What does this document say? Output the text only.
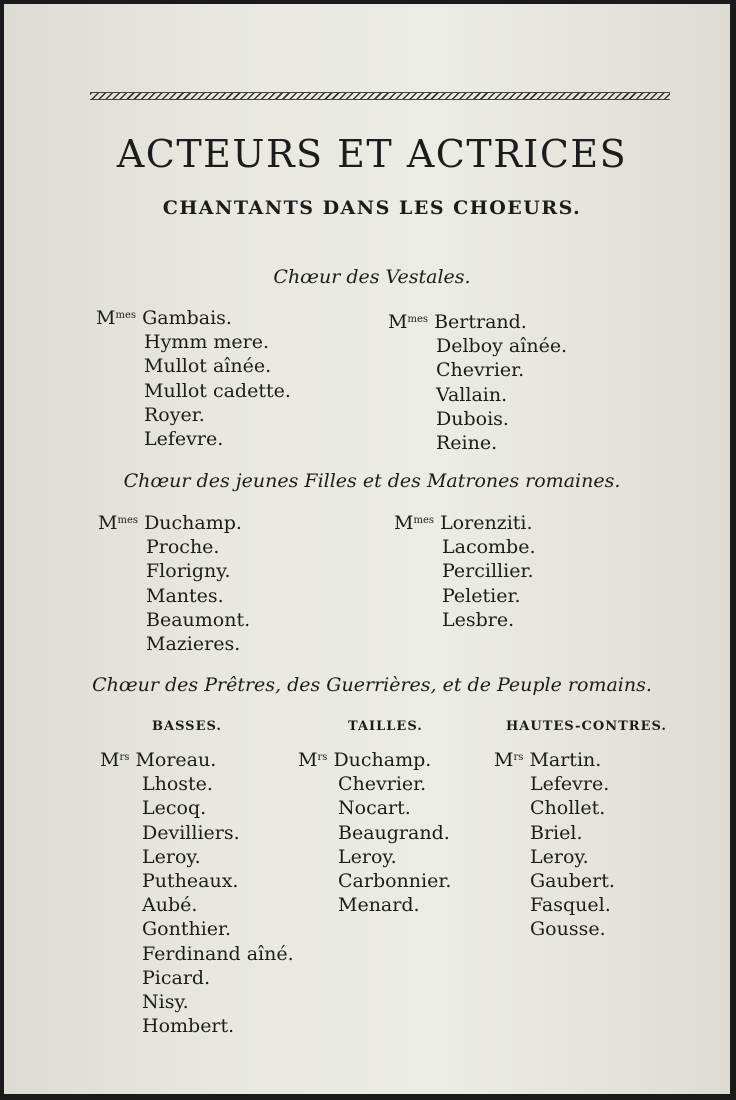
ACTEURS ET ACTRICES
CHANTANTS DANS LES CHOEURS.
Chœur des Vestales.
$M^{mes}$ Gambais.
Hymm mere.
Mullot aînée.
Mullot cadette.
Royer.
Lefevre.
$M^{mes}$ Bertrand.
Delboy aînée.
Chevrier.
Vallain.
Dubois.
Reine.
Chœur des jeunes Filles et des Matrones romaines.
$M^{mes}$ Duchamp.
Proche.
Florigny.
Mantes.
Beaumont.
Mazieres.
$M^{mes}$ Lorenziti.
Lacombe.
Percillier.
Peletier.
Lesbre.
Chœur des Prêtres, des Guerrières, et de Peuple romains.
BASSES.	TAILLES.	HAUTES-CONTRES.
$M^{rs}$ Moreau.
Lhoste.
Lecoq.
Devilliers.
Leroy.
Putheaux.
Aubé.
Gonthier.
Ferdinand aîné.
Picard.
Nisy.
Hombert.
$M^{rs}$ Duchamp.
Chevrier.
Nocart.
Beaugrand.
Leroy.
Carbonnier.
Menard.
$M^{rs}$ Martin.
Lefevre.
Chollet.
Briel.
Leroy.
Gaubert.
Fasquel.
Gousse.
